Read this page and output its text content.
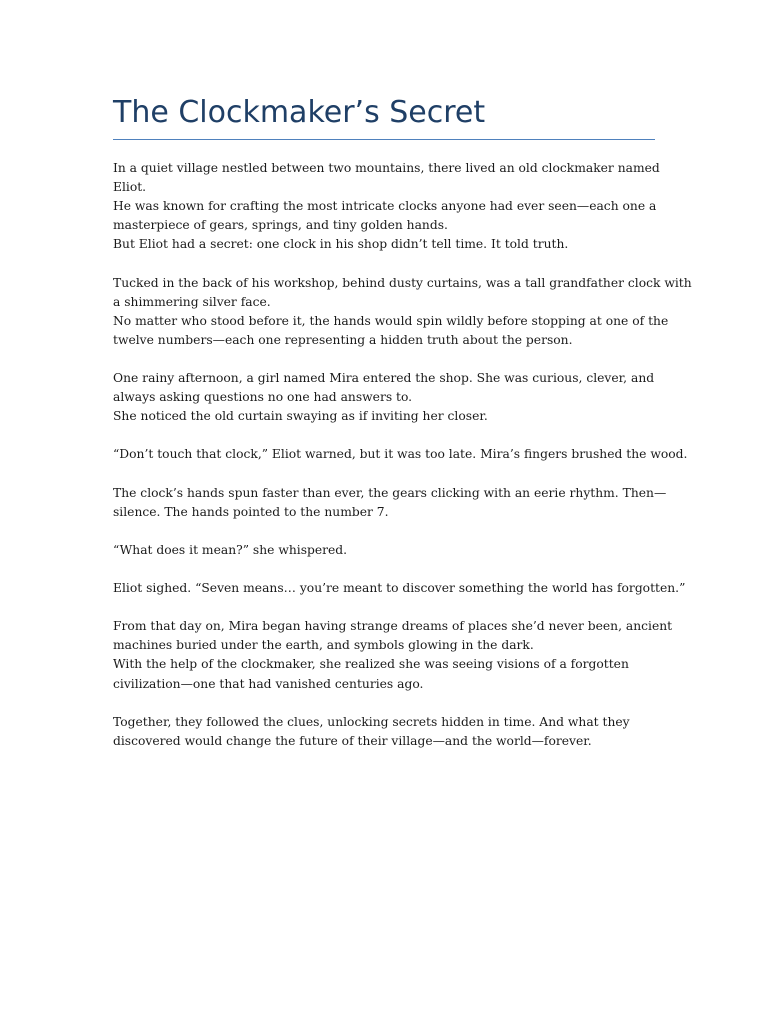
The Clockmaker’s Secret

In a quiet village nestled between two mountains, there lived an old clockmaker named
Eliot.
He was known for crafting the most intricate clocks anyone had ever seen—each one a
masterpiece of gears, springs, and tiny golden hands.
But Eliot had a secret: one clock in his shop didn’t tell time. It told truth.

Tucked in the back of his workshop, behind dusty curtains, was a tall grandfather clock with
a shimmering silver face.
No matter who stood before it, the hands would spin wildly before stopping at one of the
twelve numbers—each one representing a hidden truth about the person.

One rainy afternoon, a girl named Mira entered the shop. She was curious, clever, and
always asking questions no one had answers to.
She noticed the old curtain swaying as if inviting her closer.

“Don’t touch that clock,” Eliot warned, but it was too late. Mira’s fingers brushed the wood.

The clock’s hands spun faster than ever, the gears clicking with an eerie rhythm. Then—
silence. The hands pointed to the number 7.

“What does it mean?” she whispered.

Eliot sighed. “Seven means… you’re meant to discover something the world has forgotten.”

From that day on, Mira began having strange dreams of places she’d never been, ancient
machines buried under the earth, and symbols glowing in the dark.
With the help of the clockmaker, she realized she was seeing visions of a forgotten
civilization—one that had vanished centuries ago.

Together, they followed the clues, unlocking secrets hidden in time. And what they
discovered would change the future of their village—and the world—forever.
